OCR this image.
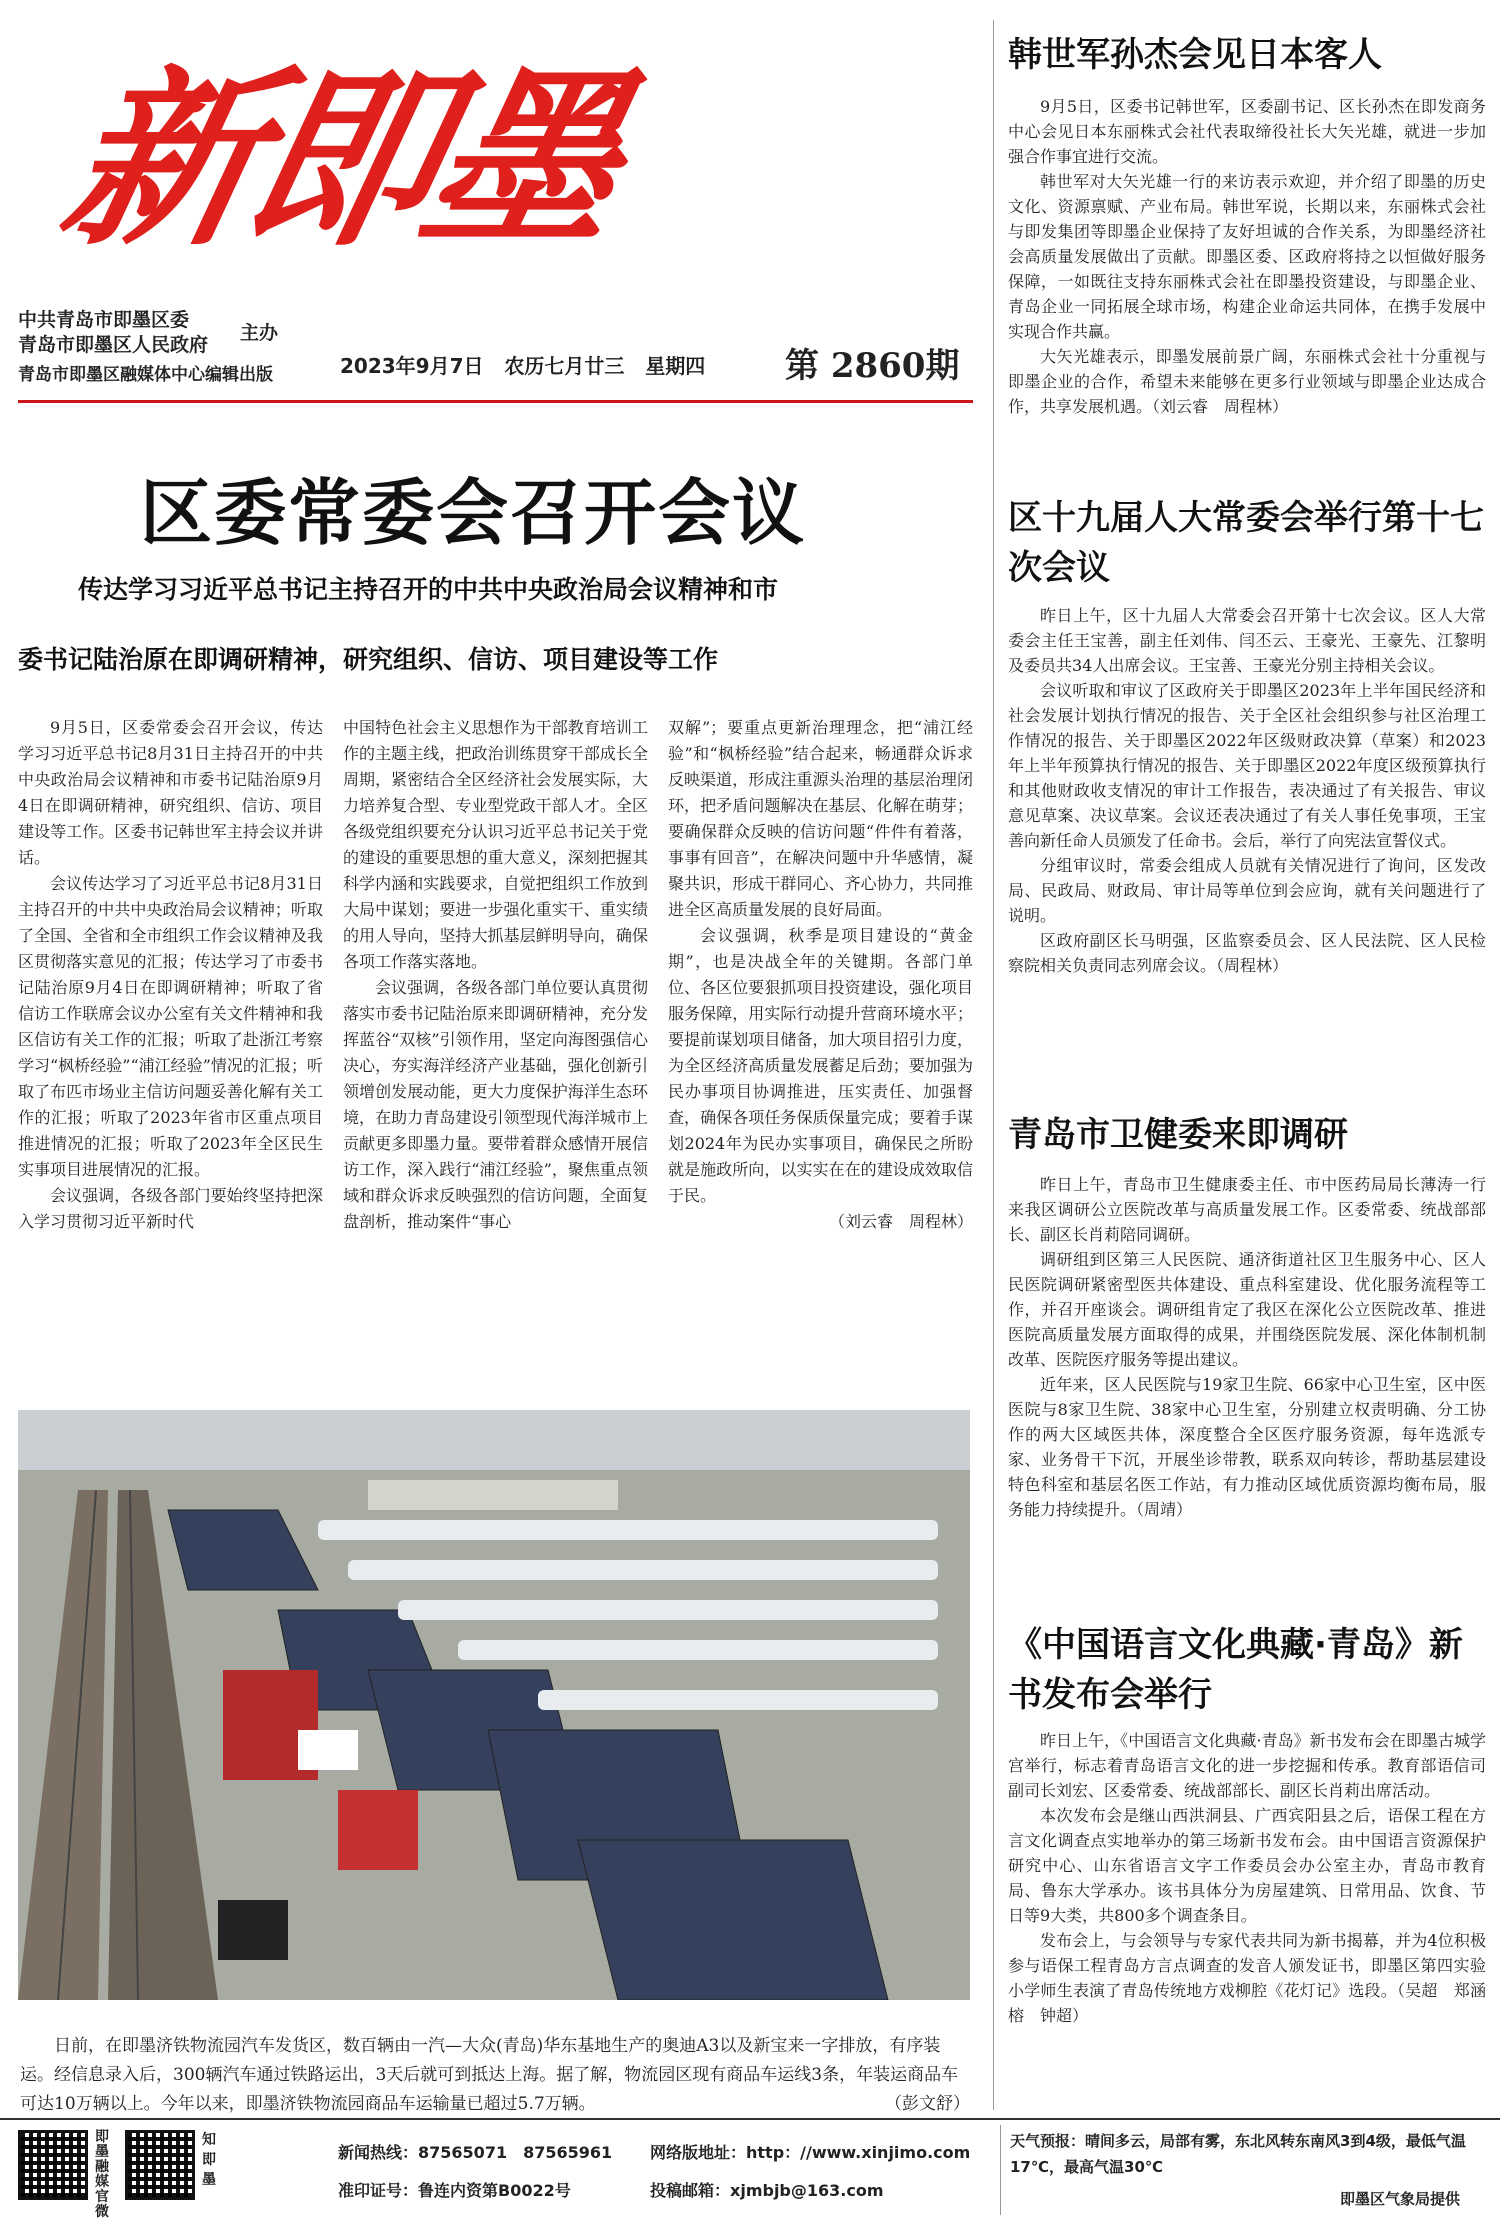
新即墨
中共青岛市即墨区委
青岛市即墨区人民政府
主办
青岛市即墨区融媒体中心编辑出版	2023年9月7日 农历七月廿三 星期四 第 2860期
区委常委会召开会议
传达学习习近平总书记主持召开的中共中央政治局会议精神和市
委书记陆治原在即调研精神，研究组织、信访、项目建设等工作

9月5日，区委常委会召开会议，传达学习习近平总书记8月31日主持召开的中共中央政治局会议精神和市委书记陆治原9月4日在即调研精神，研究组织、信访、项目建设等工作。区委书记韩世军主持会议并讲话。

会议传达学习了习近平总书记8月31日主持召开的中共中央政治局会议精神；听取了全国、全省和全市组织工作会议精神及我区贯彻落实意见的汇报；传达学习了市委书记陆治原9月4日在即调研精神；听取了省信访工作联席会议办公室有关文件精神和我区信访有关工作的汇报；听取了赴浙江考察学习“枫桥经验”“浦江经验”情况的汇报；听取了布匹市场业主信访问题妥善化解有关工作的汇报；听取了2023年省市区重点项目推进情况的汇报；听取了2023年全区民生实事项目进展情况的汇报。

会议强调，各级各部门要始终坚持把深入学习贯彻习近平新时代

中国特色社会主义思想作为干部教育培训工作的主题主线，把政治训练贯穿干部成长全周期，紧密结合全区经济社会发展实际，大力培养复合型、专业型党政干部人才。全区各级党组织要充分认识习近平总书记关于党的建设的重要思想的重大意义，深刻把握其科学内涵和实践要求，自觉把组织工作放到大局中谋划；要进一步强化重实干、重实绩的用人导向，坚持大抓基层鲜明导向，确保各项工作落实落地。

会议强调，各级各部门单位要认真贯彻落实市委书记陆治原来即调研精神，充分发挥蓝谷“双核”引领作用，坚定向海图强信心决心，夯实海洋经济产业基础，强化创新引领增创发展动能，更大力度保护海洋生态环境，在助力青岛建设引领型现代海洋城市上贡献更多即墨力量。要带着群众感情开展信访工作，深入践行“浦江经验”，聚焦重点领域和群众诉求反映强烈的信访问题，全面复盘剖析，推动案件“事心

双解”；要重点更新治理理念，把“浦江经验”和“枫桥经验”结合起来，畅通群众诉求反映渠道，形成注重源头治理的基层治理闭环，把矛盾问题解决在基层、化解在萌芽；要确保群众反映的信访问题“件件有着落，事事有回音”，在解决问题中升华感情，凝聚共识，形成干群同心、齐心协力，共同推进全区高质量发展的良好局面。

会议强调，秋季是项目建设的“黄金期”，也是决战全年的关键期。各部门单位、各区位要狠抓项目投资建设，强化项目服务保障，用实际行动提升营商环境水平；要提前谋划项目储备，加大项目招引力度，为全区经济高质量发展蓄足后劲；要加强为民办事项目协调推进，压实责任、加强督查，确保各项任务保质保量完成；要着手谋划2024年为民办实事项目，确保民之所盼就是施政所向，以实实在在的建设成效取信于民。

（刘云睿　周程林）

日前，在即墨济铁物流园汽车发货区，数百辆由一汽—大众(青岛)华东基地生产的奥迪A3以及新宝来一字排放，有序装运。经信息录入后，300辆汽车通过铁路运出，3天后就可到抵达上海。据了解，物流园区现有商品车运线3条，年装运商品车可达10万辆以上。今年以来，即墨济铁物流园商品车运输量已超过5.7万辆。	（彭文舒）

韩世军孙杰会见日本客人

9月5日，区委书记韩世军，区委副书记、区长孙杰在即发商务中心会见日本东丽株式会社代表取缔役社长大矢光雄，就进一步加强合作事宜进行交流。

韩世军对大矢光雄一行的来访表示欢迎，并介绍了即墨的历史文化、资源禀赋、产业布局。韩世军说，长期以来，东丽株式会社与即发集团等即墨企业保持了友好坦诚的合作关系，为即墨经济社会高质量发展做出了贡献。即墨区委、区政府将持之以恒做好服务保障，一如既往支持东丽株式会社在即墨投资建设，与即墨企业、青岛企业一同拓展全球市场，构建企业命运共同体，在携手发展中实现合作共赢。

大矢光雄表示，即墨发展前景广阔，东丽株式会社十分重视与即墨企业的合作，希望未来能够在更多行业领域与即墨企业达成合作，共享发展机遇。（刘云睿　周程林）

区十九届人大常委会举行第十七次会议

昨日上午，区十九届人大常委会召开第十七次会议。区人大常委会主任王宝善，副主任刘伟、闫丕云、王豪光、王豪先、江黎明及委员共34人出席会议。王宝善、王豪光分别主持相关会议。

会议听取和审议了区政府关于即墨区2023年上半年国民经济和社会发展计划执行情况的报告、关于全区社会组织参与社区治理工作情况的报告、关于即墨区2022年区级财政决算（草案）和2023年上半年预算执行情况的报告、关于即墨区2022年度区级预算执行和其他财政收支情况的审计工作报告，表决通过了有关报告、审议意见草案、决议草案。会议还表决通过了有关人事任免事项，王宝善向新任命人员颁发了任命书。会后，举行了向宪法宣誓仪式。

分组审议时，常委会组成人员就有关情况进行了询问，区发改局、民政局、财政局、审计局等单位到会应询，就有关问题进行了说明。

区政府副区长马明强，区监察委员会、区人民法院、区人民检察院相关负责同志列席会议。（周程林）

青岛市卫健委来即调研

昨日上午，青岛市卫生健康委主任、市中医药局局长薄涛一行来我区调研公立医院改革与高质量发展工作。区委常委、统战部部长、副区长肖莉陪同调研。

调研组到区第三人民医院、通济街道社区卫生服务中心、区人民医院调研紧密型医共体建设、重点科室建设、优化服务流程等工作，并召开座谈会。调研组肯定了我区在深化公立医院改革、推进医院高质量发展方面取得的成果，并围绕医院发展、深化体制机制改革、医院医疗服务等提出建议。

近年来，区人民医院与19家卫生院、66家中心卫生室，区中医医院与8家卫生院、38家中心卫生室，分别建立权责明确、分工协作的两大区域医共体，深度整合全区医疗服务资源，每年选派专家、业务骨干下沉，开展坐诊带教，联系双向转诊，帮助基层建设特色科室和基层名医工作站，有力推动区域优质资源均衡布局，服务能力持续提升。（周靖）

《中国语言文化典藏·青岛》新书发布会举行

昨日上午，《中国语言文化典藏·青岛》新书发布会在即墨古城学宫举行，标志着青岛语言文化的进一步挖掘和传承。教育部语信司副司长刘宏、区委常委、统战部部长、副区长肖莉出席活动。

本次发布会是继山西洪洞县、广西宾阳县之后，语保工程在方言文化调查点实地举办的第三场新书发布会。由中国语言资源保护研究中心、山东省语言文字工作委员会办公室主办，青岛市教育局、鲁东大学承办。该书具体分为房屋建筑、日常用品、饮食、节日等9大类，共800多个调查条目。

发布会上，与会领导与专家代表共同为新书揭幕，并为4位积极参与语保工程青岛方言点调查的发音人颁发证书，即墨区第四实验小学师生表演了青岛传统地方戏柳腔《花灯记》选段。（吴超　郑涵榕　钟超）

即墨融媒官微
知即墨
新闻热线：87565071　87565961
准印证号：鲁连内资第B0022号
网络版地址：http：//www.xinjimo.com
投稿邮箱：xjmbjb@163.com
天气预报：晴间多云，局部有雾，东北风转东南风3到4级，最低气温17℃，最高气温30℃
即墨区气象局提供
